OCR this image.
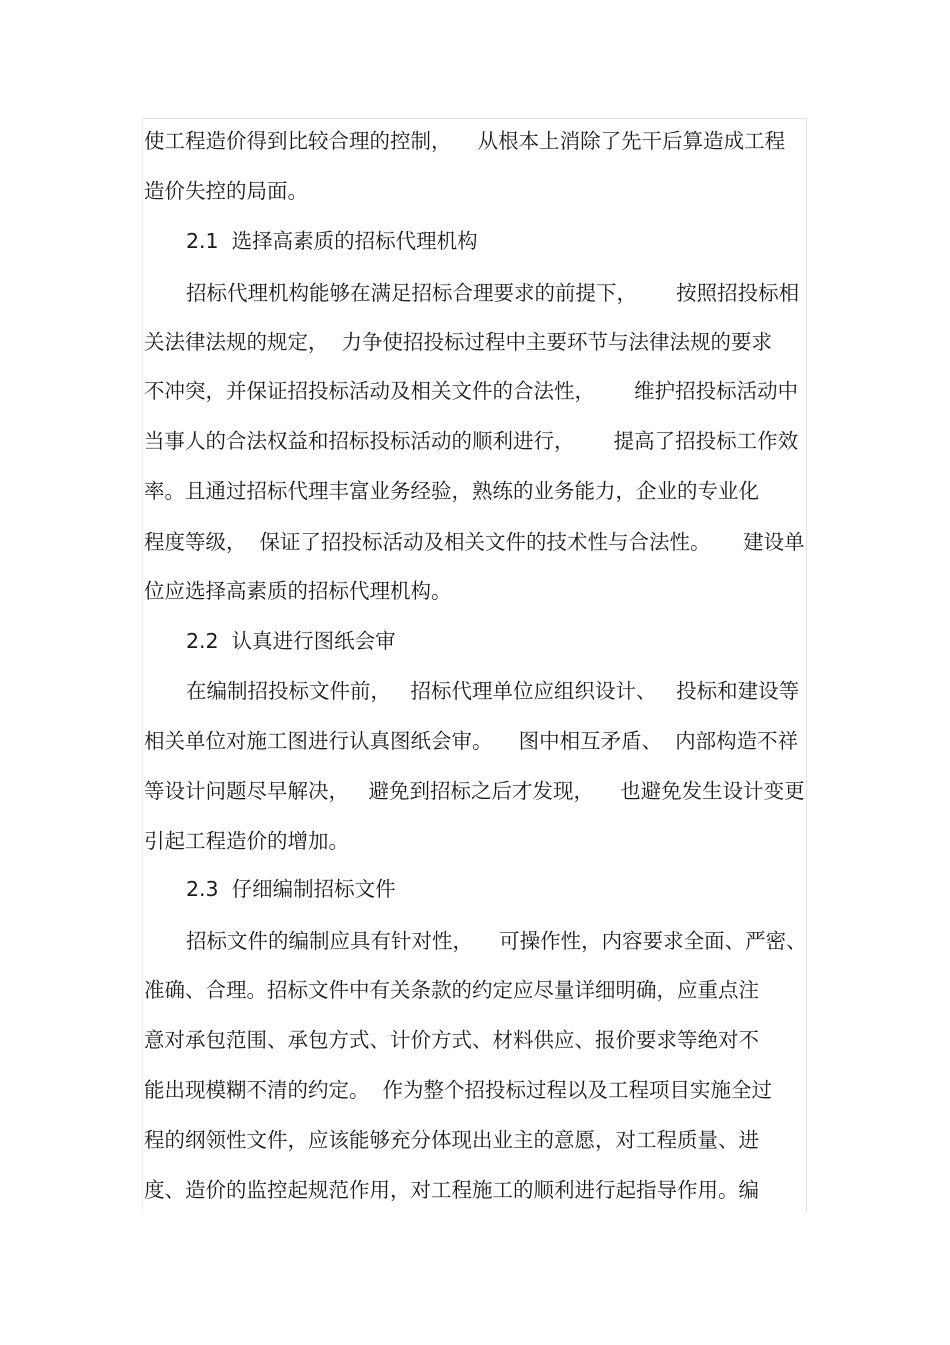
使工程造价得到比较合理的控制，    从根本上消除了先干后算造成工程
造价失控的局面。
2.1  选择高素质的招标代理机构
招标代理机构能够在满足招标合理要求的前提下，      按照招投标相
关法律法规的规定，  力争使招投标过程中主要环节与法律法规的要求
不冲突，并保证招投标活动及相关文件的合法性，      维护招投标活动中
当事人的合法权益和招标投标活动的顺利进行，      提高了招投标工作效
率。且通过招标代理丰富业务经验，熟练的业务能力，企业的专业化
程度等级，  保证了招投标活动及相关文件的技术性与合法性。     建设单
位应选择高素质的招标代理机构。
2.2  认真进行图纸会审
在编制招投标文件前，   招标代理单位应组织设计、   投标和建设等
相关单位对施工图进行认真图纸会审。    图中相互矛盾、  内部构造不祥
等设计问题尽早解决，   避免到招标之后才发现，    也避免发生设计变更
引起工程造价的增加。
2.3  仔细编制招标文件
招标文件的编制应具有针对性，    可操作性，内容要求全面、严密、
准确、合理。招标文件中有关条款的约定应尽量详细明确，应重点注
意对承包范围、承包方式、计价方式、材料供应、报价要求等绝对不
能出现模糊不清的约定。  作为整个招投标过程以及工程项目实施全过
程的纲领性文件，应该能够充分体现出业主的意愿，对工程质量、进
度、造价的监控起规范作用，对工程施工的顺利进行起指导作用。编
